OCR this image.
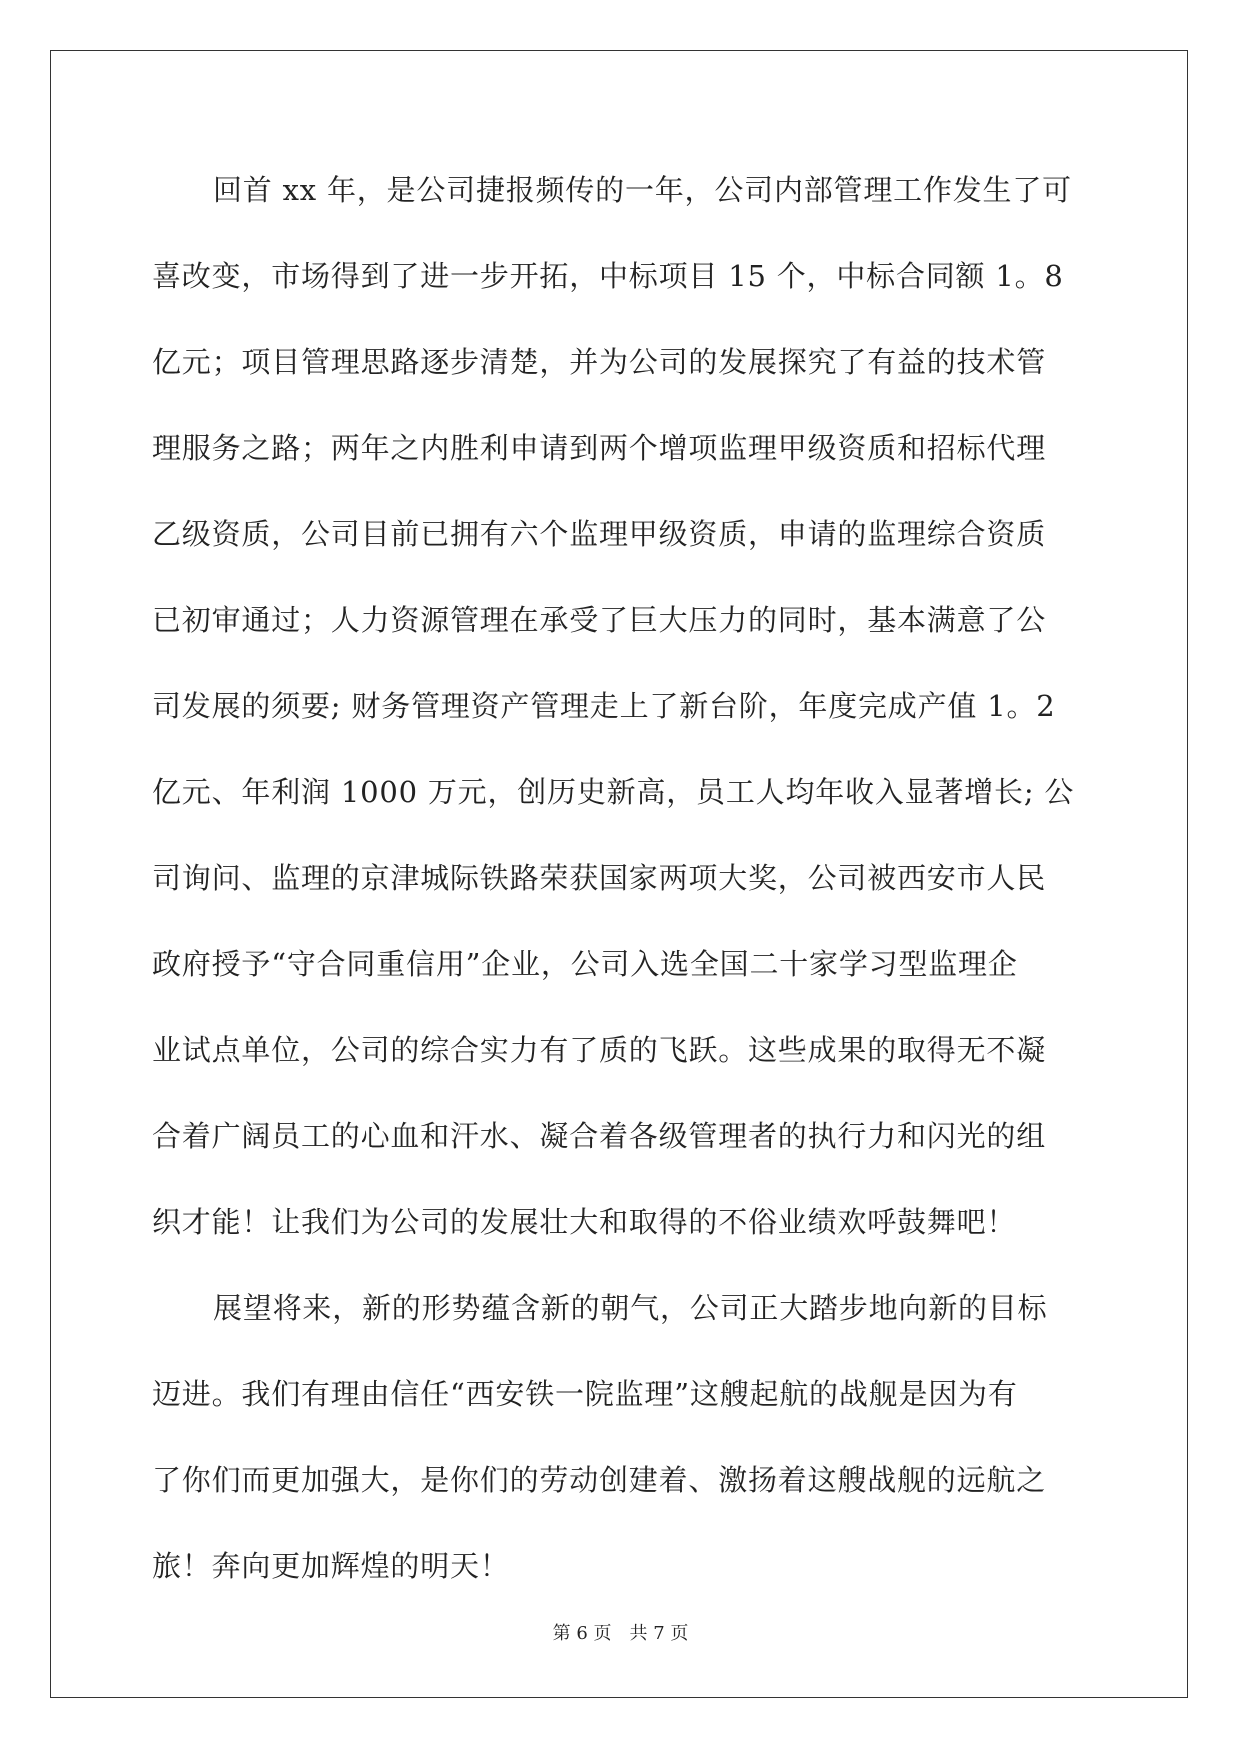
回首 xx 年，是公司捷报频传的一年，公司内部管理工作发生了可
喜改变，市场得到了进一步开拓，中标项目 15 个，中标合同额 1。8
亿元；项目管理思路逐步清楚，并为公司的发展探究了有益的技术管
理服务之路；两年之内胜利申请到两个增项监理甲级资质和招标代理
乙级资质，公司目前已拥有六个监理甲级资质，申请的监理综合资质
已初审通过；人力资源管理在承受了巨大压力的同时，基本满意了公
司发展的须要; 财务管理资产管理走上了新台阶，年度完成产值 1。2
亿元、年利润 1000 万元，创历史新高，员工人均年收入显著增长; 公
司询问、监理的京津城际铁路荣获国家两项大奖，公司被西安市人民
政府授予“守合同重信用”企业，公司入选全国二十家学习型监理企
业试点单位，公司的综合实力有了质的飞跃。这些成果的取得无不凝
合着广阔员工的心血和汗水、凝合着各级管理者的执行力和闪光的组
织才能！让我们为公司的发展壮大和取得的不俗业绩欢呼鼓舞吧！
展望将来，新的形势蕴含新的朝气，公司正大踏步地向新的目标
迈进。我们有理由信任“西安铁一院监理”这艘起航的战舰是因为有
了你们而更加强大，是你们的劳动创建着、激扬着这艘战舰的远航之
旅！奔向更加辉煌的明天！
第 6 页　共 7 页
